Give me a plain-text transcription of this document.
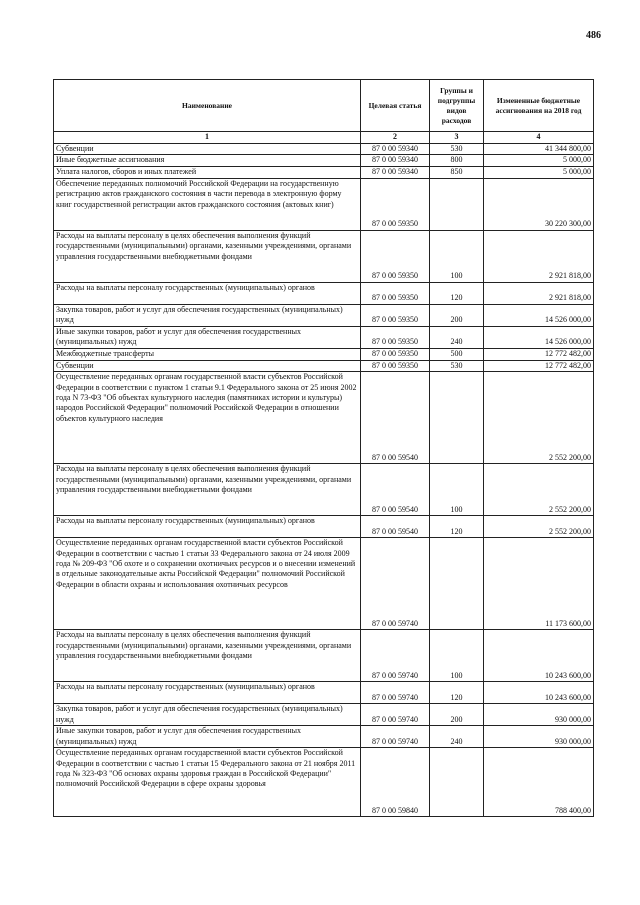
486
Наименование	Целевая статья	Группы и подгруппы видов расходов	Измененные бюджетные ассигнования на 2018 год
1	2	3	4
Субвенции	87 0 00 59340	530	41 344 800,00
Иные бюджетные ассигнования	87 0 00 59340	800	5 000,00
Уплата налогов, сборов и иных платежей	87 0 00 59340	850	5 000,00
Обеспечение переданных полномочий Российской Федерации на государственную регистрацию актов гражданского состояния в части перевода в электронную форму книг государственной регистрации актов гражданского состояния (актовых книг)	87 0 00 59350		30 220 300,00
Расходы на выплаты персоналу в целях обеспечения выполнения функций государственными (муниципальными) органами, казенными учреждениями, органами управления государственными внебюджетными фондами	87 0 00 59350	100	2 921 818,00
Расходы на выплаты персоналу государственных (муниципальных) органов	87 0 00 59350	120	2 921 818,00
Закупка товаров, работ и услуг для обеспечения государственных (муниципальных) нужд	87 0 00 59350	200	14 526 000,00
Иные закупки товаров, работ и услуг для обеспечения государственных (муниципальных) нужд	87 0 00 59350	240	14 526 000,00
Межбюджетные трансферты	87 0 00 59350	500	12 772 482,00
Субвенции	87 0 00 59350	530	12 772 482,00
Осуществление переданных органам государственной власти субъектов Российской Федерации в соответствии с пунктом 1 статьи 9.1 Федерального закона от 25 июня 2002 года N 73-ФЗ "Об объектах культурного наследия (памятниках истории и культуры) народов Российской Федерации" полномочий Российской Федерации в отношении объектов культурного наследия	87 0 00 59540		2 552 200,00
Расходы на выплаты персоналу в целях обеспечения выполнения функций государственными (муниципальными) органами, казенными учреждениями, органами управления государственными внебюджетными фондами	87 0 00 59540	100	2 552 200,00
Расходы на выплаты персоналу государственных (муниципальных) органов	87 0 00 59540	120	2 552 200,00
Осуществление переданных органам государственной власти субъектов Российской Федерации в соответствии с частью 1 статьи 33 Федерального закона от 24 июля 2009 года № 209-ФЗ "Об охоте и о сохранении охотничьих ресурсов и о внесении изменений в отдельные законодательные акты Российской Федерации" полномочий Российской Федерации в области охраны и использования охотничьих ресурсов	87 0 00 59740		11 173 600,00
Расходы на выплаты персоналу в целях обеспечения выполнения функций государственными (муниципальными) органами, казенными учреждениями, органами управления государственными внебюджетными фондами	87 0 00 59740	100	10 243 600,00
Расходы на выплаты персоналу государственных (муниципальных) органов	87 0 00 59740	120	10 243 600,00
Закупка товаров, работ и услуг для обеспечения государственных (муниципальных) нужд	87 0 00 59740	200	930 000,00
Иные закупки товаров, работ и услуг для обеспечения государственных (муниципальных) нужд	87 0 00 59740	240	930 000,00
Осуществление переданных органам государственной власти субъектов Российской Федерации в соответствии с частью 1 статьи 15 Федерального закона от 21 ноября 2011 года № 323-ФЗ "Об основах охраны здоровья граждан в Российской Федерации" полномочий Российской Федерации в сфере охраны здоровья	87 0 00 59840		788 400,00
